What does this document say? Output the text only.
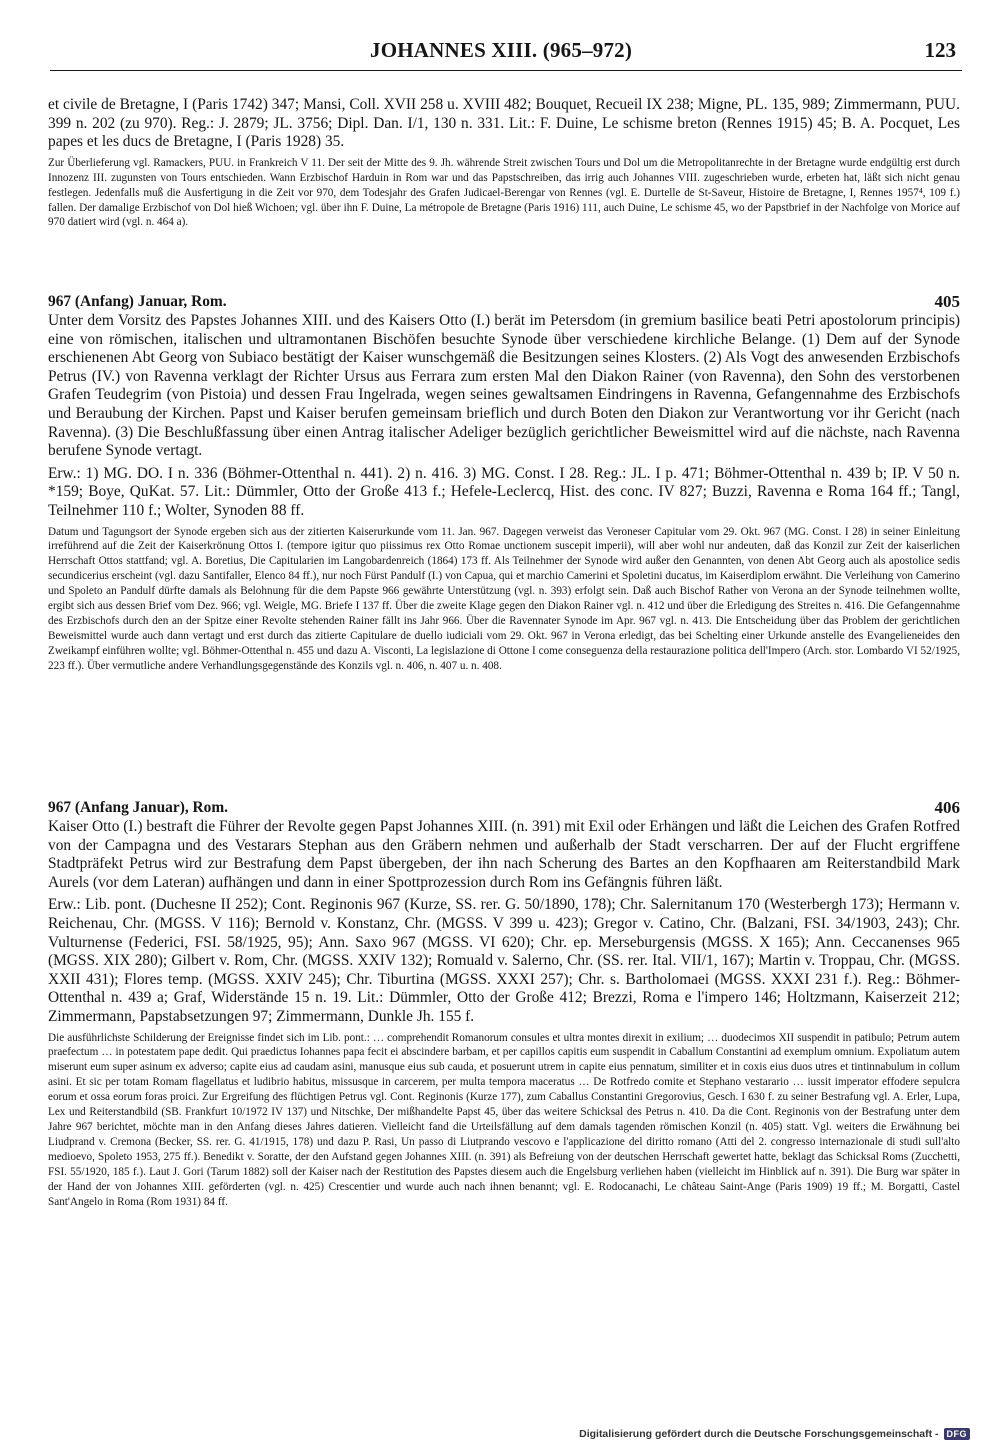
JOHANNES XIII. (965–972)	123

et civile de Bretagne, I (Paris 1742) 347; Mansi, Coll. XVII 258 u. XVIII 482; Bouquet, Recueil IX 238; Migne, PL. 135, 989; Zimmermann, PUU. 399 n. 202 (zu 970). Reg.: J. 2879; JL. 3756; Dipl. Dan. I/1, 130 n. 331. Lit.: F. Duine, Le schisme breton (Rennes 1915) 45; B. A. Pocquet, Les papes et les ducs de Bretagne, I (Paris 1928) 35.

Zur Überlieferung vgl. Ramackers, PUU. in Frankreich V 11. Der seit der Mitte des 9. Jh. währende Streit zwischen Tours und Dol um die Metropolitanrechte in der Bretagne wurde endgültig erst durch Innozenz III. zugunsten von Tours entschieden. Wann Erzbischof Harduin in Rom war und das Papstschreiben, das irrig auch Johannes VIII. zugeschrieben wurde, erbeten hat, läßt sich nicht genau festlegen. Jedenfalls muß die Ausfertigung in die Zeit vor 970, dem Todesjahr des Grafen Judicael-Berengar von Rennes (vgl. E. Durtelle de St-Saveur, Histoire de Bretagne, I, Rennes 1957⁴, 109 f.) fallen. Der damalige Erzbischof von Dol hieß Wichoen; vgl. über ihn F. Duine, La métropole de Bretagne (Paris 1916) 111, auch Duine, Le schisme 45, wo der Papstbrief in der Nachfolge von Morice auf 970 datiert wird (vgl. n. 464 a).

967 (Anfang) Januar, Rom.	405

Unter dem Vorsitz des Papstes Johannes XIII. und des Kaisers Otto (I.) berät im Petersdom (in gremium basilice beati Petri apostolorum principis) eine von römischen, italischen und ultramontanen Bischöfen besuchte Synode über verschiedene kirchliche Belange. (1) Dem auf der Synode erschienenen Abt Georg von Subiaco bestätigt der Kaiser wunschgemäß die Besitzungen seines Klosters. (2) Als Vogt des anwesenden Erzbischofs Petrus (IV.) von Ravenna verklagt der Richter Ursus aus Ferrara zum ersten Mal den Diakon Rainer (von Ravenna), den Sohn des verstorbenen Grafen Teudegrim (von Pistoia) und dessen Frau Ingelrada, wegen seines gewaltsamen Eindringens in Ravenna, Gefangennahme des Erzbischofs und Beraubung der Kirchen. Papst und Kaiser berufen gemeinsam brieflich und durch Boten den Diakon zur Verantwortung vor ihr Gericht (nach Ravenna). (3) Die Beschlußfassung über einen Antrag italischer Adeliger bezüglich gerichtlicher Beweismittel wird auf die nächste, nach Ravenna berufene Synode vertagt.

Erw.: 1) MG. DO. I n. 336 (Böhmer-Ottenthal n. 441). 2) n. 416. 3) MG. Const. I 28. Reg.: JL. I p. 471; Böhmer-Ottenthal n. 439 b; IP. V 50 n. *159; Boye, QuKat. 57. Lit.: Dümmler, Otto der Große 413 f.; Hefele-Leclercq, Hist. des conc. IV 827; Buzzi, Ravenna e Roma 164 ff.; Tangl, Teilnehmer 110 f.; Wolter, Synoden 88 ff.

Datum und Tagungsort der Synode ergeben sich aus der zitierten Kaiserurkunde vom 11. Jan. 967. Dagegen verweist das Veroneser Capitular vom 29. Okt. 967 (MG. Const. I 28) in seiner Einleitung irreführend auf die Zeit der Kaiserkrönung Ottos I. (tempore igitur quo piissimus rex Otto Romae unctionem suscepit imperii), will aber wohl nur andeuten, daß das Konzil zur Zeit der kaiserlichen Herrschaft Ottos stattfand; vgl. A. Boretius, Die Capitularien im Langobardenreich (1864) 173 ff. Als Teilnehmer der Synode wird außer den Genannten, von denen Abt Georg auch als apostolice sedis secundicerius erscheint (vgl. dazu Santifaller, Elenco 84 ff.), nur noch Fürst Pandulf (I.) von Capua, qui et marchio Camerini et Spoletini ducatus, im Kaiserdiplom erwähnt. Die Verleihung von Camerino und Spoleto an Pandulf dürfte damals als Belohnung für die dem Papste 966 gewährte Unterstützung (vgl. n. 393) erfolgt sein. Daß auch Bischof Rather von Verona an der Synode teilnehmen wollte, ergibt sich aus dessen Brief vom Dez. 966; vgl. Weigle, MG. Briefe I 137 ff. Über die zweite Klage gegen den Diakon Rainer vgl. n. 412 und über die Erledigung des Streites n. 416. Die Gefangennahme des Erzbischofs durch den an der Spitze einer Revolte stehenden Rainer fällt ins Jahr 966. Über die Ravennater Synode im Apr. 967 vgl. n. 413. Die Entscheidung über das Problem der gerichtlichen Beweismittel wurde auch dann vertagt und erst durch das zitierte Capitulare de duello iudiciali vom 29. Okt. 967 in Verona erledigt, das bei Schelting einer Urkunde anstelle des Evangelieneides den Zweikampf einführen wollte; vgl. Böhmer-Ottenthal n. 455 und dazu A. Visconti, La legislazione di Ottone I come conseguenza della restaurazione politica dell'Impero (Arch. stor. Lombardo VI 52/1925, 223 ff.). Über vermutliche andere Verhandlungsgegenstände des Konzils vgl. n. 406, n. 407 u. n. 408.

967 (Anfang Januar), Rom.	406

Kaiser Otto (I.) bestraft die Führer der Revolte gegen Papst Johannes XIII. (n. 391) mit Exil oder Erhängen und läßt die Leichen des Grafen Rotfred von der Campagna und des Vestarars Stephan aus den Gräbern nehmen und außerhalb der Stadt verscharren. Der auf der Flucht ergriffene Stadtpräfekt Petrus wird zur Bestrafung dem Papst übergeben, der ihn nach Scherung des Bartes an den Kopfhaaren am Reiterstandbild Mark Aurels (vor dem Lateran) aufhängen und dann in einer Spottprozession durch Rom ins Gefängnis führen läßt.

Erw.: Lib. pont. (Duchesne II 252); Cont. Reginonis 967 (Kurze, SS. rer. G. 50/1890, 178); Chr. Salernitanum 170 (Westerbergh 173); Hermann v. Reichenau, Chr. (MGSS. V 116); Bernold v. Konstanz, Chr. (MGSS. V 399 u. 423); Gregor v. Catino, Chr. (Balzani, FSI. 34/1903, 243); Chr. Vulturnense (Federici, FSI. 58/1925, 95); Ann. Saxo 967 (MGSS. VI 620); Chr. ep. Merseburgensis (MGSS. X 165); Ann. Ceccanenses 965 (MGSS. XIX 280); Gilbert v. Rom, Chr. (MGSS. XXIV 132); Romuald v. Salerno, Chr. (SS. rer. Ital. VII/1, 167); Martin v. Troppau, Chr. (MGSS. XXII 431); Flores temp. (MGSS. XXIV 245); Chr. Tiburtina (MGSS. XXXI 257); Chr. s. Bartholomaei (MGSS. XXXI 231 f.). Reg.: Böhmer-Ottenthal n. 439 a; Graf, Widerstände 15 n. 19. Lit.: Dümmler, Otto der Große 412; Brezzi, Roma e l'impero 146; Holtzmann, Kaiserzeit 212; Zimmermann, Papstabsetzungen 97; Zimmermann, Dunkle Jh. 155 f.

Die ausführlichste Schilderung der Ereignisse findet sich im Lib. pont.: … comprehendit Romanorum consules et ultra montes direxit in exilium; … duodecimos XII suspendit in patibulo; Petrum autem praefectum … in potestatem pape dedit. Qui praedictus Iohannes papa fecit ei abscindere barbam, et per capillos capitis eum suspendit in Caballum Constantini ad exemplum omnium. Expoliatum autem miserunt eum super asinum ex adverso; capite eius ad caudam asini, manusque eius sub cauda, et posuerunt utrem in capite eius pennatum, similiter et in coxis eius duos utres et tintinnabulum in collum asini. Et sic per totam Romam flagellatus et ludibrio habitus, missusque in carcerem, per multa tempora maceratus … De Rotfredo comite et Stephano vestarario … iussit imperator effodere sepulcra eorum et ossa eorum foras proici. Zur Ergreifung des flüchtigen Petrus vgl. Cont. Reginonis (Kurze 177), zum Caballus Constantini Gregorovius, Gesch. I 630 f. zu seiner Bestrafung vgl. A. Erler, Lupa, Lex und Reiterstandbild (SB. Frankfurt 10/1972 IV 137) und Nitschke, Der mißhandelte Papst 45, über das weitere Schicksal des Petrus n. 410. Da die Cont. Reginonis von der Bestrafung unter dem Jahre 967 berichtet, möchte man in den Anfang dieses Jahres datieren. Vielleicht fand die Urteilsfällung auf dem damals tagenden römischen Konzil (n. 405) statt. Vgl. weiters die Erwähnung bei Liudprand v. Cremona (Becker, SS. rer. G. 41/1915, 178) und dazu P. Rasi, Un passo di Liutprando vescovo e l'applicazione del diritto romano (Atti del 2. congresso internazionale di studi sull'alto medioevo, Spoleto 1953, 275 ff.). Benedikt v. Soratte, der den Aufstand gegen Johannes XIII. (n. 391) als Befreiung von der deutschen Herrschaft gewertet hatte, beklagt das Schicksal Roms (Zucchetti, FSI. 55/1920, 185 f.). Laut J. Gori (Tarum 1882) soll der Kaiser nach der Restitution des Papstes diesem auch die Engelsburg verliehen haben (vielleicht im Hinblick auf n. 391). Die Burg war später in der Hand der von Johannes XIII. geförderten (vgl. n. 425) Crescentier und wurde auch nach ihnen benannt; vgl. E. Rodocanachi, Le château Saint-Ange (Paris 1909) 19 ff.; M. Borgatti, Castel Sant'Angelo in Roma (Rom 1931) 84 ff.

Digitalisierung gefördert durch die Deutsche Forschungsgemeinschaft - DFG
